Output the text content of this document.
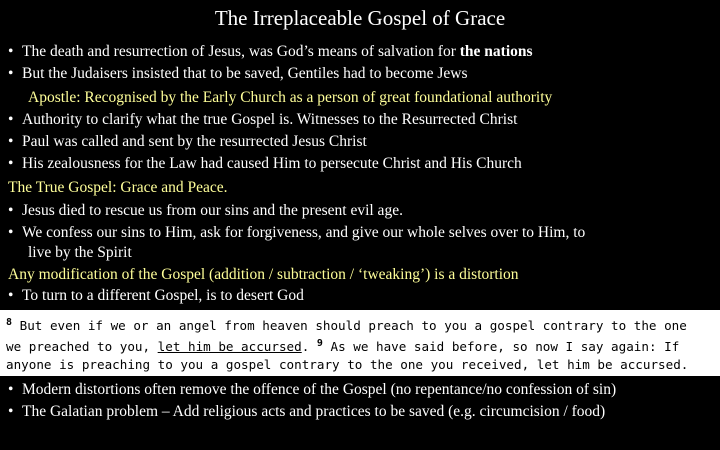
The Irreplaceable Gospel of Grace
• The death and resurrection of Jesus, was God’s means of salvation for the nations
• But the Judaisers insisted that to be saved, Gentiles had to become Jews
Apostle: Recognised by the Early Church as a person of great foundational authority
• Authority to clarify what the true Gospel is. Witnesses to the Resurrected Christ
• Paul was called and sent by the resurrected Jesus Christ
• His zealousness for the Law had caused Him to persecute Christ and His Church
The True Gospel: Grace and Peace.
• Jesus died to rescue us from our sins and the present evil age.
• We confess our sins to Him, ask for forgiveness, and give our whole selves over to Him, to
live by the Spirit
Any modification of the Gospel (addition / subtraction / ‘tweaking’) is a distortion
• To turn to a different Gospel, is to desert God
$^8$ But even if we or an angel from heaven should preach to you a gospel contrary to the one
we preached to you, let him be accursed. $^9$ As we have said before, so now I say again: If
anyone is preaching to you a gospel contrary to the one you received, let him be accursed.
• Modern distortions often remove the offence of the Gospel (no repentance/no confession of sin)
• The Galatian problem – Add religious acts and practices to be saved (e.g. circumcision / food)
